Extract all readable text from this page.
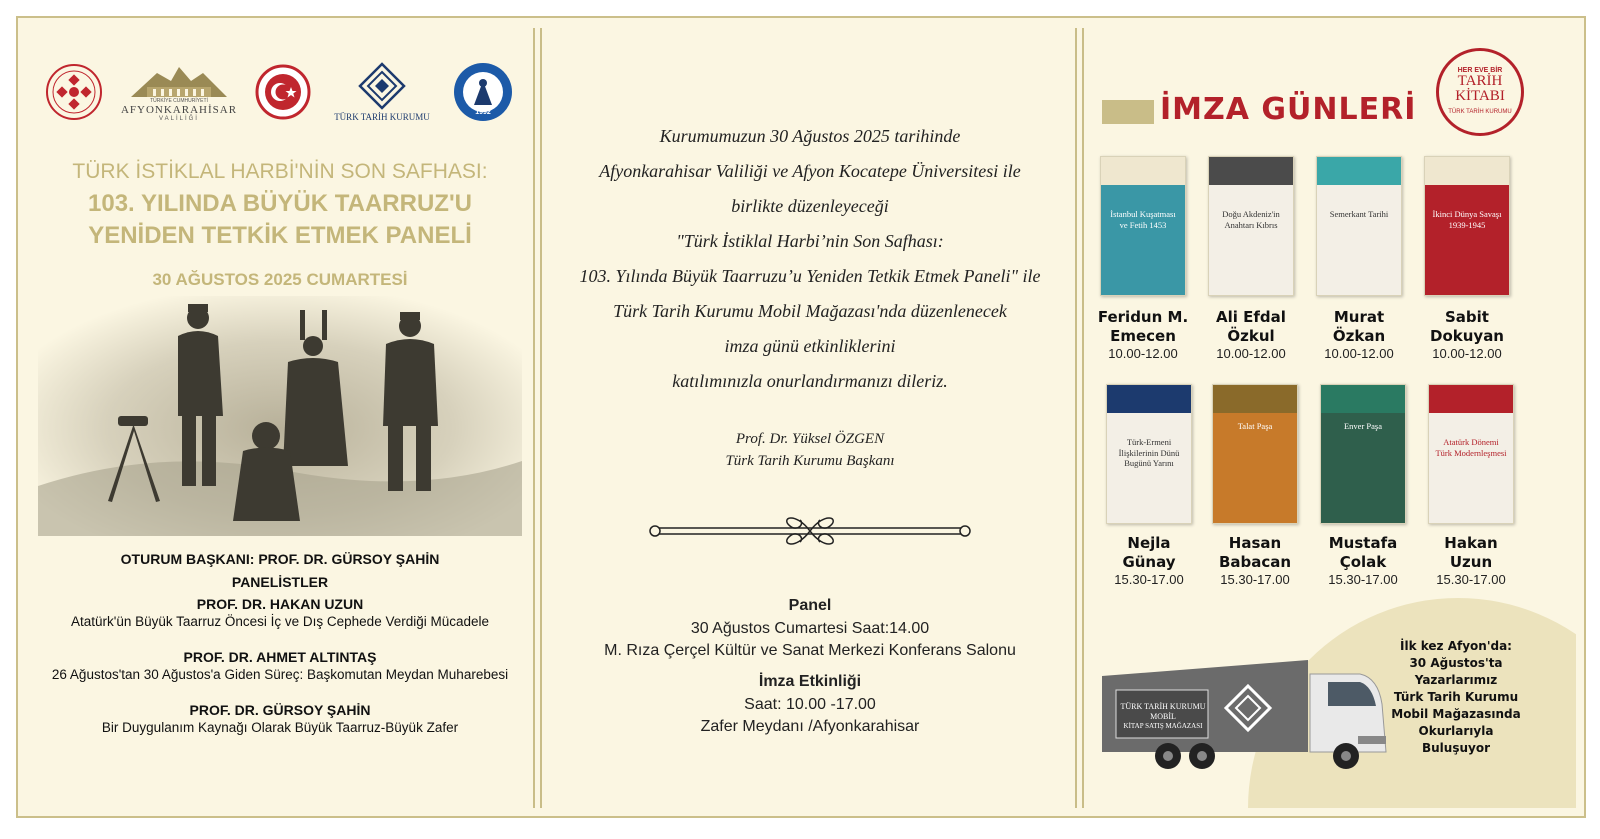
TÜRKİYE CUMHURİYETİ
AFYONKARAHİSAR
VALİLİĞİ	TÜRK TARİH KURUMU	1992
TÜRK İSTİKLAL HARBİ'NİN SON SAFHASI:
103. YILINDA BÜYÜK TAARRUZ'U
YENİDEN TETKİK ETMEK PANELİ
30 AĞUSTOS 2025 CUMARTESİ
OTURUM BAŞKANI: PROF. DR. GÜRSOY ŞAHİN
PANELİSTLER
PROF. DR. HAKAN UZUN
Atatürk'ün Büyük Taarruz Öncesi İç ve Dış Cephede Verdiği Mücadele
PROF. DR. AHMET ALTINTAŞ
26 Ağustos'tan 30 Ağustos'a Giden Süreç: Başkomutan Meydan Muharebesi
PROF. DR. GÜRSOY ŞAHİN
Bir Duygulanım Kaynağı Olarak Büyük Taarruz-Büyük Zafer
Kurumumuzun 30 Ağustos 2025 tarihinde
Afyonkarahisar Valiliği ve Afyon Kocatepe Üniversitesi ile
birlikte düzenleyeceği
"Türk İstiklal Harbi’nin Son Safhası:
103. Yılında Büyük Taarruzu’u Yeniden Tetkik Etmek Paneli" ile
Türk Tarih Kurumu Mobil Mağazası'nda düzenlenecek
imza günü etkinliklerini
katılımınızla onurlandırmanızı dileriz.
Prof. Dr. Yüksel ÖZGEN
Türk Tarih Kurumu Başkanı
Panel
30 Ağustos Cumartesi Saat:14.00
M. Rıza Çerçel Kültür ve Sanat Merkezi Konferans Salonu
İmza Etkinliği
Saat: 10.00 -17.00
Zafer Meydanı /Afyonkarahisar
İMZA GÜNLERİ
HER EVE BİR
TARİH
KİTABI
TÜRK TARİH KURUMU
İstanbul Kuşatması ve Fetih 1453
Doğu Akdeniz'in Anahtarı Kıbrıs
Semerkant Tarihi	İkinci Dünya Savaşı 1939-1945
Feridun M.
Emecen
10.00-12.00
Ali Efdal
Özkul
10.00-12.00
Murat
Özkan
10.00-12.00
Sabit
Dokuyan
10.00-12.00
Türk-Ermeni İlişkilerinin Dünü Bugünü Yarını
Talat Paşa	Enver Paşa
Atatürk Dönemi Türk Modernleşmesi
Nejla
Günay
15.30-17.00
Hasan
Babacan
15.30-17.00
Mustafa
Çolak
15.30-17.00
Hakan
Uzun
15.30-17.00
TÜRK TARİH KURUMU
MOBİL
KİTAP SATIŞ MAĞAZASI
İlk kez Afyon'da:
30 Ağustos'ta
Yazarlarımız
Türk Tarih Kurumu
Mobil Mağazasında
Okurlarıyla
Buluşuyor
